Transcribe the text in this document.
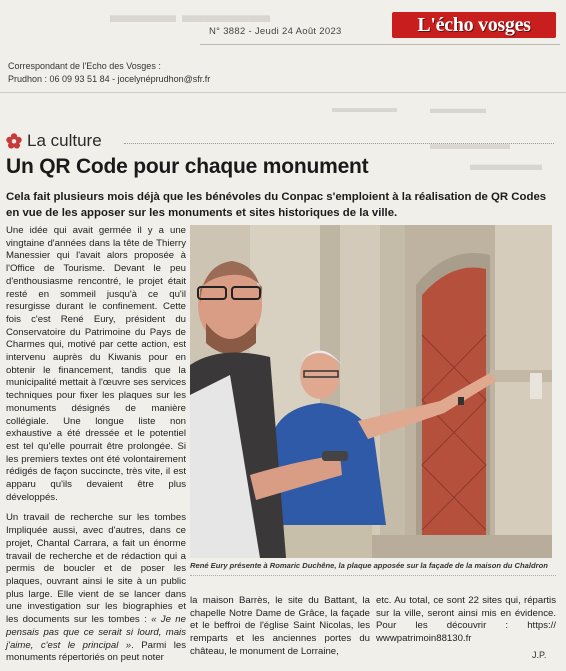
▬▬▬ ▬▬▬▬
▬▬▬▬▬ ▬▬▬▬
▬▬▬▬▬
▬▬▬▬
N° 3882 - Jeudi 24 Août 2023	L'écho vosges
Correspondant de l'Echo des Vosges :
Prudhon : 06 09 93 51 84 - jocelynéprudhon@sfr.fr
La culture
Un QR Code pour chaque monument
Cela fait plusieurs mois déjà que les bénévoles du Conpac s'emploient à la réalisation de QR Codes en vue de les apposer sur les monuments et sites historiques de la ville.

Une idée qui avait germée il y a une vingtaine d'années dans la tête de Thierry Manessier qui l'avait alors proposée à l'Office de Tourisme. Devant le peu d'enthousiasme rencontré, le projet était resté en sommeil jusqu'à ce qu'il resurgisse durant le confinement. Cette fois c'est René Eury, président du Conservatoire du Patrimoine du Pays de Charmes qui, motivé par cette action, est intervenu auprès du Kiwanis pour en obtenir le financement, tandis que la municipalité mettait à l'œuvre ses services techniques pour fixer les plaques sur les monuments désignés de manière collégiale. Une longue liste non exhaustive a été dressée et le potentiel est tel qu'elle pourrait être prolongée. Si les premiers textes ont été volontairement rédigés de façon succincte, très vite, il est apparu qu'ils devaient être plus développés.

Un travail de recherche sur les tombes Impliquée aussi, avec d'autres, dans ce projet, Chantal Carrara, a fait un énorme travail de recherche et de rédaction qui a permis de boucler et de poser les plaques, ouvrant ainsi le site à un public plus large. Elle vient de se lancer dans une investigation sur les biographies et les documents sur les tombes : « Je ne pensais pas que ce serait si lourd, mais j'aime, c'est le principal ». Parmi les monuments répertoriés on peut noter

René Eury présente à Romaric Duchêne, la plaque apposée sur la façade de la maison du Chaldron

la maison Barrès, le site du Battant, la chapelle Notre Dame de Grâce, la façade et le beffroi de l'église Saint Nicolas, les remparts et les anciennes portes du château, le monument de Lorraine,

etc. Au total, ce sont 22 sites qui, répartis sur la ville, seront ainsi mis en évidence. Pour les découvrir : https:// wwwpatrimoin88130.fr

J.P.
